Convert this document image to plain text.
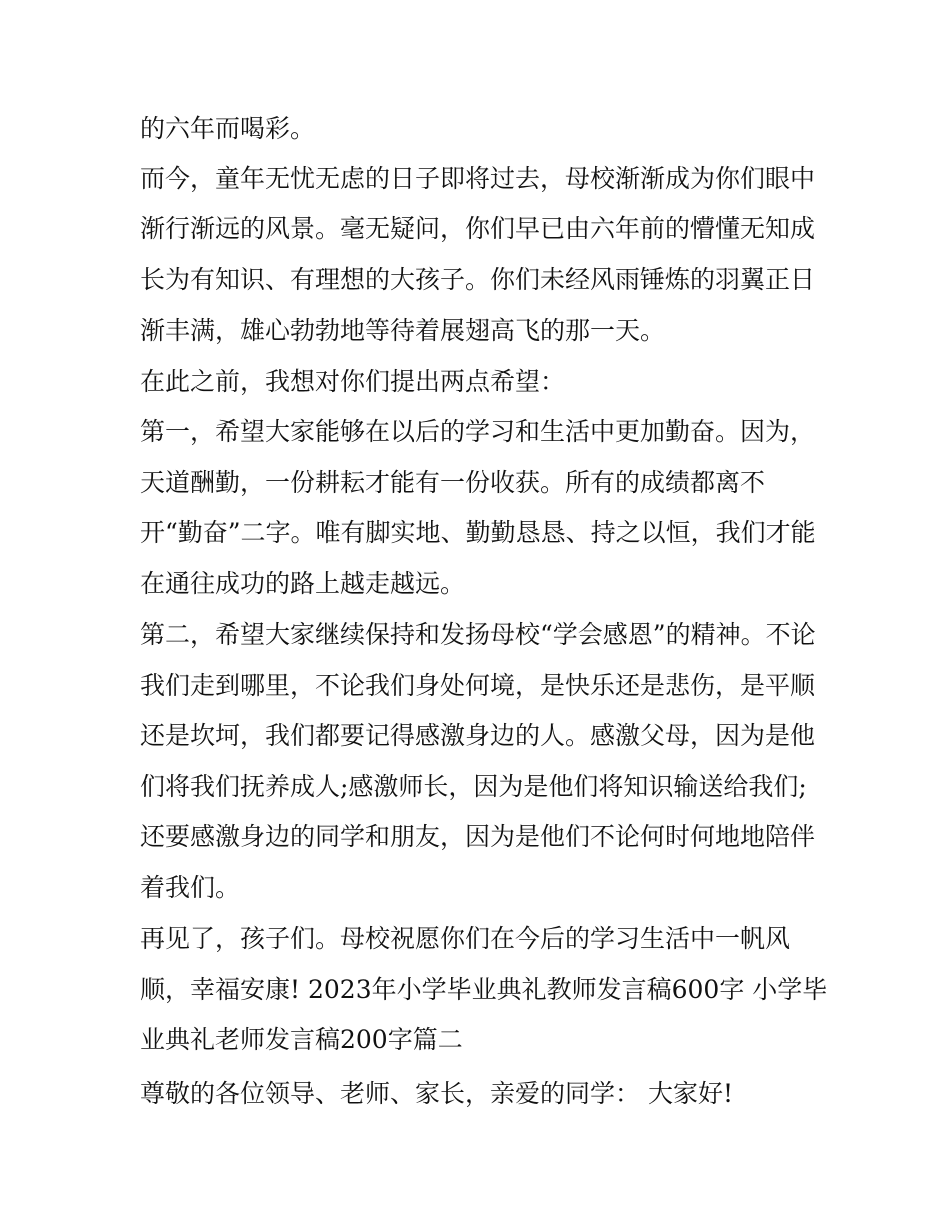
的六年而喝彩。
而今，童年无忧无虑的日子即将过去，母校渐渐成为你们眼中
渐行渐远的风景。毫无疑问，你们早已由六年前的懵懂无知成
长为有知识、有理想的大孩子。你们未经风雨锤炼的羽翼正日
渐丰满，雄心勃勃地等待着展翅高飞的那一天。
在此之前，我想对你们提出两点希望：
第一，希望大家能够在以后的学习和生活中更加勤奋。因为，
天道酬勤，一份耕耘才能有一份收获。所有的成绩都离不
开“勤奋”二字。唯有脚实地、勤勤恳恳、持之以恒，我们才能
在通往成功的路上越走越远。
第二，希望大家继续保持和发扬母校“学会感恩”的精神。不论
我们走到哪里，不论我们身处何境，是快乐还是悲伤，是平顺
还是坎坷，我们都要记得感激身边的人。感激父母，因为是他
们将我们抚养成人;感激师长，因为是他们将知识输送给我们;
还要感激身边的同学和朋友，因为是他们不论何时何地地陪伴
着我们。
再见了，孩子们。母校祝愿你们在今后的学习生活中一帆风
顺，幸福安康! 2023年小学毕业典礼教师发言稿600字 小学毕
业典礼老师发言稿200字篇二
尊敬的各位领导、老师、家长，亲爱的同学： 大家好!
